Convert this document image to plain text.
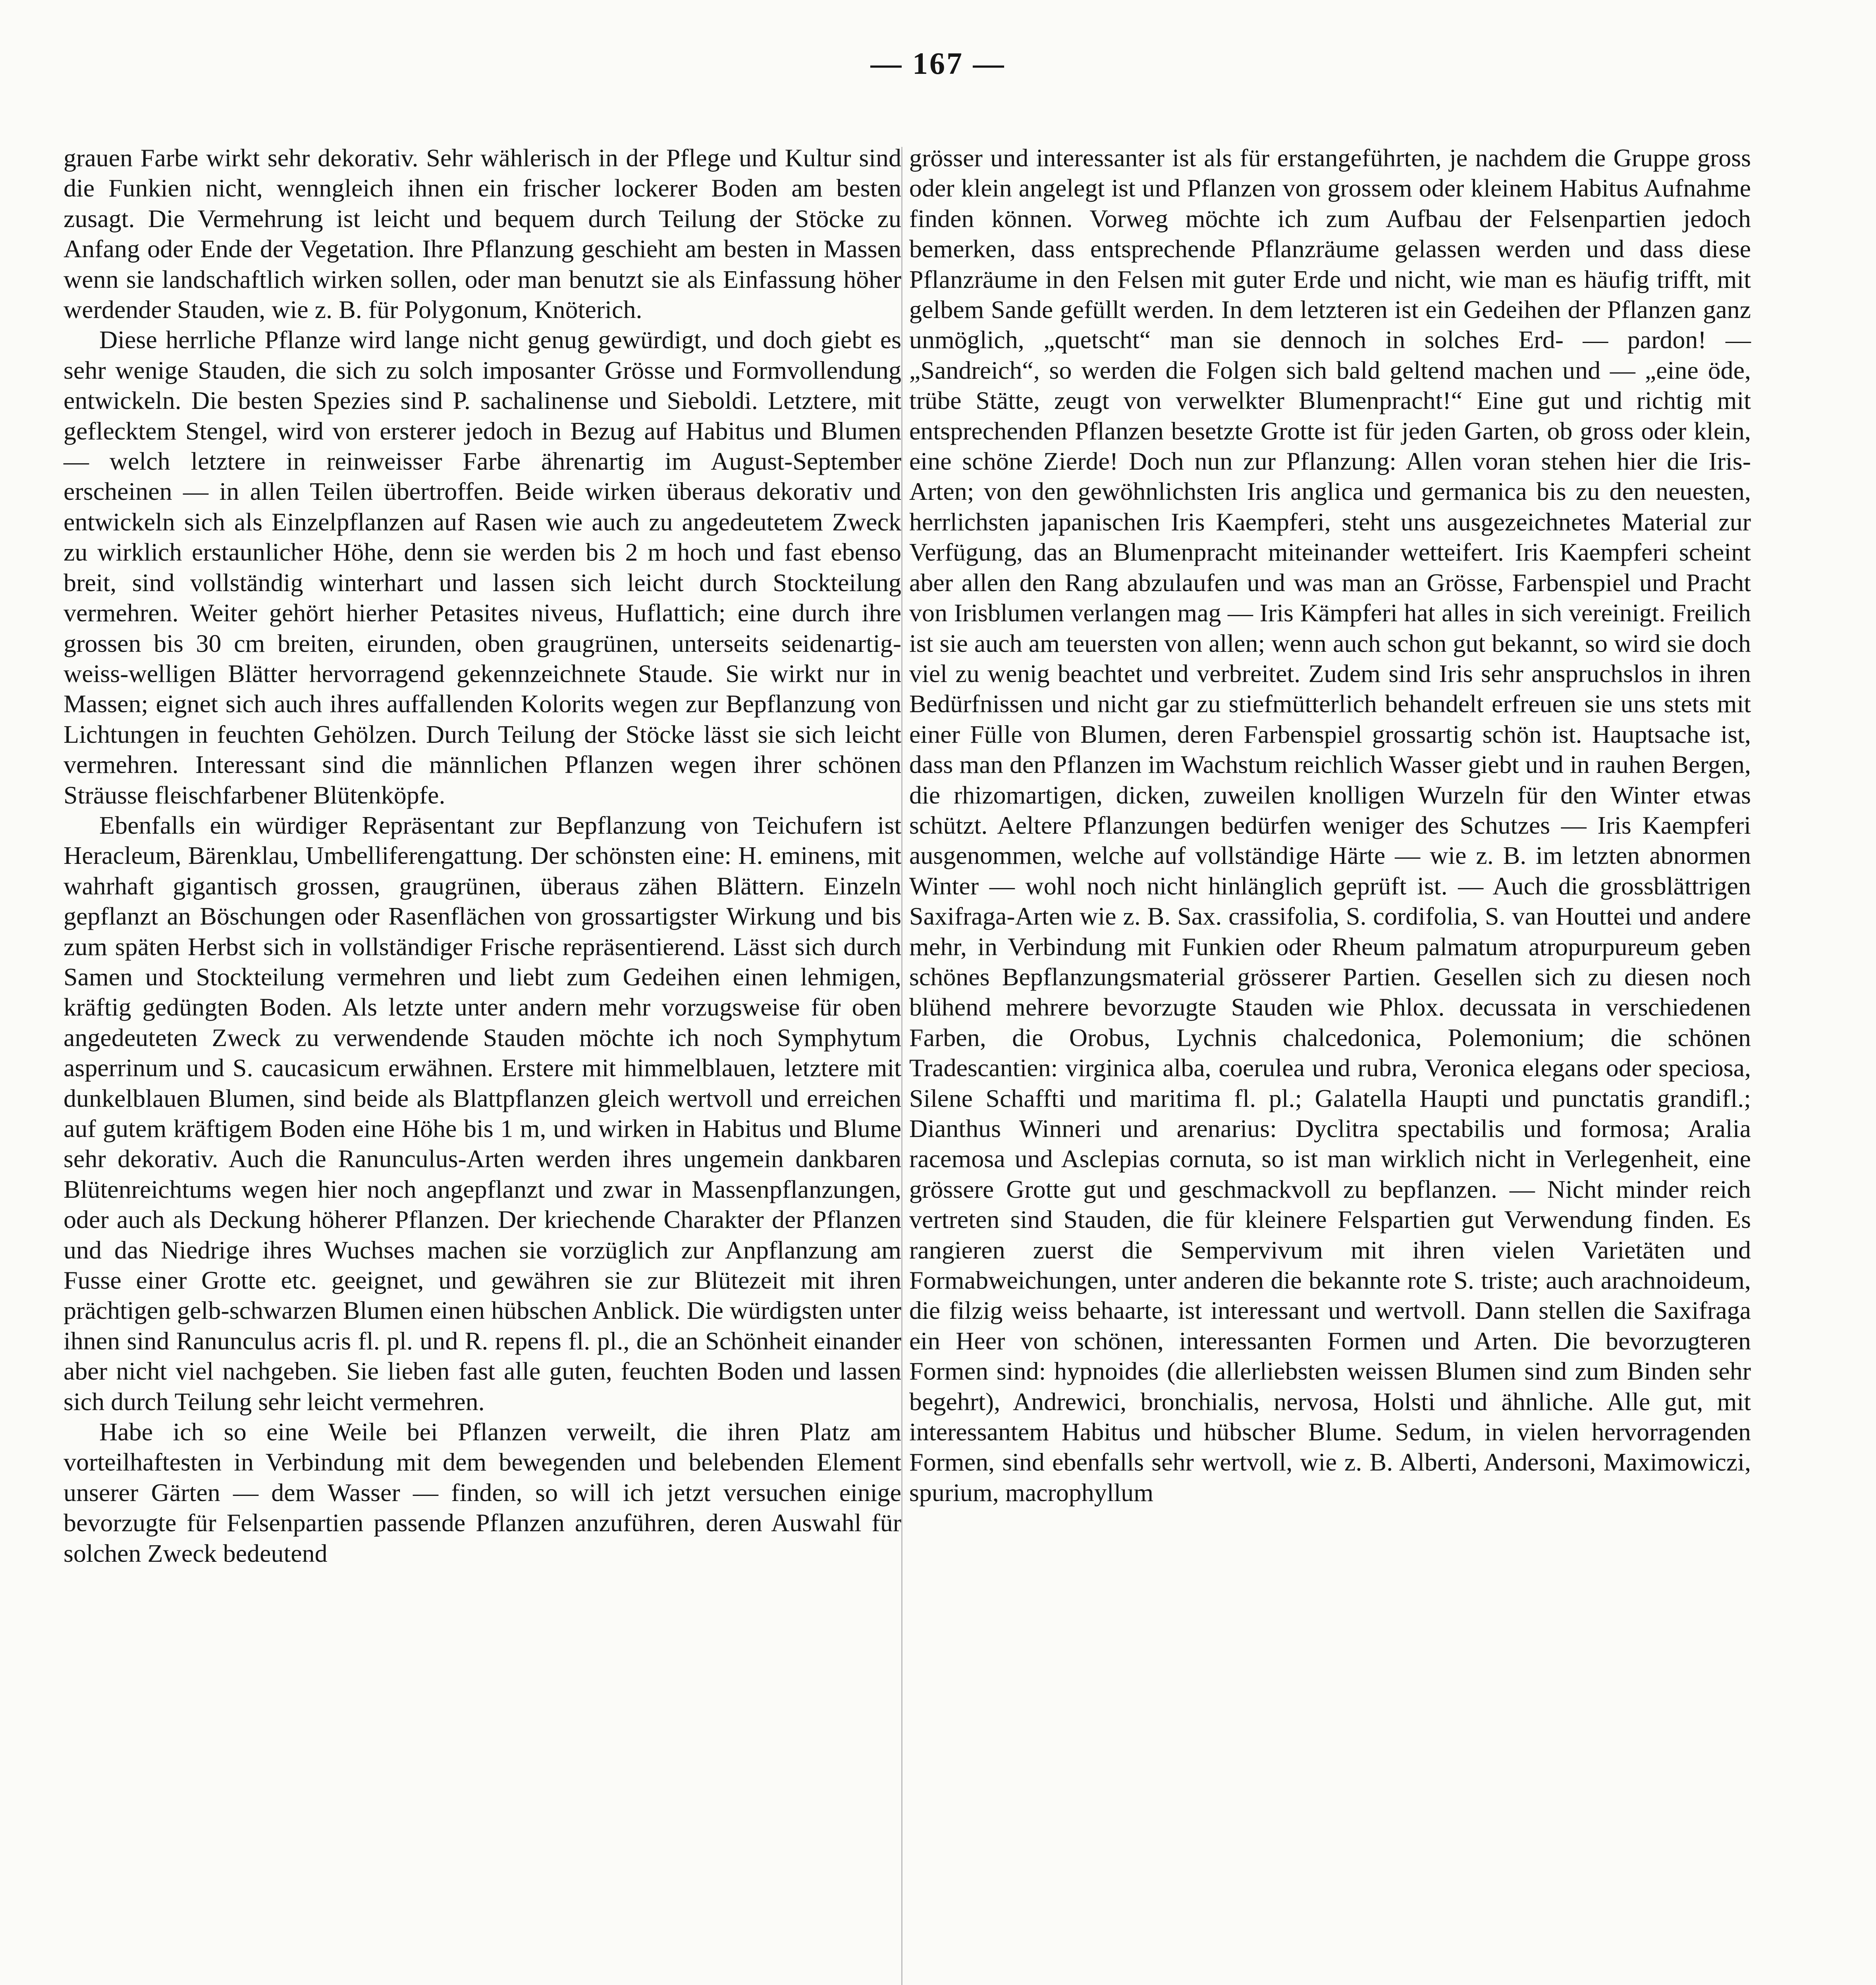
— 167 —

grauen Farbe wirkt sehr dekorativ. Sehr wählerisch in der Pflege und Kultur sind die Funkien nicht, wenngleich ihnen ein frischer lockerer Boden am besten zusagt. Die Vermehrung ist leicht und bequem durch Teilung der Stöcke zu Anfang oder Ende der Vegetation. Ihre Pflanzung geschieht am besten in Massen wenn sie landschaftlich wirken sollen, oder man benutzt sie als Einfassung höher werdender Stauden, wie z. B. für Polygonum, Knöterich.

Diese herrliche Pflanze wird lange nicht genug gewürdigt, und doch giebt es sehr wenige Stauden, die sich zu solch imposanter Grösse und Formvollendung entwickeln. Die besten Spezies sind P. sachalinense und Sieboldi. Letztere, mit geflecktem Stengel, wird von ersterer jedoch in Bezug auf Habitus und Blumen — welch letztere in reinweisser Farbe ährenartig im August-September erscheinen — in allen Teilen übertroffen. Beide wirken überaus dekorativ und entwickeln sich als Einzelpflanzen auf Rasen wie auch zu angedeutetem Zweck zu wirklich erstaunlicher Höhe, denn sie werden bis 2 m hoch und fast ebenso breit, sind vollständig winterhart und lassen sich leicht durch Stockteilung vermehren. Weiter gehört hierher Petasites niveus, Huflattich; eine durch ihre grossen bis 30 cm breiten, eirunden, oben graugrünen, unterseits seidenartig-weiss-welligen Blätter hervorragend gekennzeichnete Staude. Sie wirkt nur in Massen; eignet sich auch ihres auffallenden Kolorits wegen zur Bepflanzung von Lichtungen in feuchten Gehölzen. Durch Teilung der Stöcke lässt sie sich leicht vermehren. Interessant sind die männlichen Pflanzen wegen ihrer schönen Sträusse fleischfarbener Blütenköpfe.

Ebenfalls ein würdiger Repräsentant zur Bepflanzung von Teichufern ist Heracleum, Bärenklau, Umbelliferengattung. Der schönsten eine: H. eminens, mit wahrhaft gigantisch grossen, graugrünen, überaus zähen Blättern. Einzeln gepflanzt an Böschungen oder Rasenflächen von grossartigster Wirkung und bis zum späten Herbst sich in vollständiger Frische repräsentierend. Lässt sich durch Samen und Stockteilung vermehren und liebt zum Gedeihen einen lehmigen, kräftig gedüngten Boden. Als letzte unter andern mehr vorzugsweise für oben angedeuteten Zweck zu verwendende Stauden möchte ich noch Symphytum asperrinum und S. caucasicum erwähnen. Erstere mit himmelblauen, letztere mit dunkelblauen Blumen, sind beide als Blattpflanzen gleich wertvoll und erreichen auf gutem kräftigem Boden eine Höhe bis 1 m, und wirken in Habitus und Blume sehr dekorativ. Auch die Ranunculus-Arten werden ihres ungemein dankbaren Blütenreichtums wegen hier noch angepflanzt und zwar in Massenpflanzungen, oder auch als Deckung höherer Pflanzen. Der kriechende Charakter der Pflanzen und das Niedrige ihres Wuchses machen sie vorzüglich zur Anpflanzung am Fusse einer Grotte etc. geeignet, und gewähren sie zur Blütezeit mit ihren prächtigen gelb-schwarzen Blumen einen hübschen Anblick. Die würdigsten unter ihnen sind Ranunculus acris fl. pl. und R. repens fl. pl., die an Schönheit einander aber nicht viel nachgeben. Sie lieben fast alle guten, feuchten Boden und lassen sich durch Teilung sehr leicht vermehren.

Habe ich so eine Weile bei Pflanzen verweilt, die ihren Platz am vorteilhaftesten in Verbindung mit dem bewegenden und belebenden Element unserer Gärten — dem Wasser — finden, so will ich jetzt versuchen einige bevorzugte für Felsenpartien passende Pflanzen anzuführen, deren Auswahl für solchen Zweck bedeutend

grösser und interessanter ist als für erstangeführten, je nachdem die Gruppe gross oder klein angelegt ist und Pflanzen von grossem oder kleinem Habitus Aufnahme finden können. Vorweg möchte ich zum Aufbau der Felsenpartien jedoch bemerken, dass entsprechende Pflanzräume gelassen werden und dass diese Pflanzräume in den Felsen mit guter Erde und nicht, wie man es häufig trifft, mit gelbem Sande gefüllt werden. In dem letzteren ist ein Gedeihen der Pflanzen ganz unmöglich, „quetscht“ man sie dennoch in solches Erd- — pardon! — „Sandreich“, so werden die Folgen sich bald geltend machen und — „eine öde, trübe Stätte, zeugt von verwelkter Blumenpracht!“ Eine gut und richtig mit entsprechenden Pflanzen besetzte Grotte ist für jeden Garten, ob gross oder klein, eine schöne Zierde! Doch nun zur Pflanzung: Allen voran stehen hier die Iris-Arten; von den gewöhnlichsten Iris anglica und germanica bis zu den neuesten, herrlichsten japanischen Iris Kaempferi, steht uns ausgezeichnetes Material zur Verfügung, das an Blumenpracht miteinander wetteifert. Iris Kaempferi scheint aber allen den Rang abzulaufen und was man an Grösse, Farbenspiel und Pracht von Irisblumen verlangen mag — Iris Kämpferi hat alles in sich vereinigt. Freilich ist sie auch am teuersten von allen; wenn auch schon gut bekannt, so wird sie doch viel zu wenig beachtet und verbreitet. Zudem sind Iris sehr anspruchslos in ihren Bedürfnissen und nicht gar zu stiefmütterlich behandelt erfreuen sie uns stets mit einer Fülle von Blumen, deren Farbenspiel grossartig schön ist. Hauptsache ist, dass man den Pflanzen im Wachstum reichlich Wasser giebt und in rauhen Bergen, die rhizomartigen, dicken, zuweilen knolligen Wurzeln für den Winter etwas schützt. Aeltere Pflanzungen bedürfen weniger des Schutzes — Iris Kaempferi ausgenommen, welche auf vollständige Härte — wie z. B. im letzten abnormen Winter — wohl noch nicht hinlänglich geprüft ist. — Auch die grossblättrigen Saxifraga-Arten wie z. B. Sax. crassifolia, S. cordifolia, S. van Houttei und andere mehr, in Verbindung mit Funkien oder Rheum palmatum atropurpureum geben schönes Bepflanzungsmaterial grösserer Partien. Gesellen sich zu diesen noch blühend mehrere bevorzugte Stauden wie Phlox. decussata in verschiedenen Farben, die Orobus, Lychnis chalcedonica, Polemonium; die schönen Tradescantien: virginica alba, coerulea und rubra, Veronica elegans oder speciosa, Silene Schaffti und maritima fl. pl.; Galatella Haupti und punctatis grandifl.; Dianthus Winneri und arenarius: Dyclitra spectabilis und formosa; Aralia racemosa und Asclepias cornuta, so ist man wirklich nicht in Verlegenheit, eine grössere Grotte gut und geschmackvoll zu bepflanzen. — Nicht minder reich vertreten sind Stauden, die für kleinere Felspartien gut Verwendung finden. Es rangieren zuerst die Sempervivum mit ihren vielen Varietäten und Formabweichungen, unter anderen die bekannte rote S. triste; auch arachnoideum, die filzig weiss behaarte, ist interessant und wertvoll. Dann stellen die Saxifraga ein Heer von schönen, interessanten Formen und Arten. Die bevorzugteren Formen sind: hypnoides (die allerliebsten weissen Blumen sind zum Binden sehr begehrt), Andrewici, bronchialis, nervosa, Holsti und ähnliche. Alle gut, mit interessantem Habitus und hübscher Blume. Sedum, in vielen hervorragenden Formen, sind ebenfalls sehr wertvoll, wie z. B. Alberti, Andersoni, Maximowiczi, spurium, macrophyllum
